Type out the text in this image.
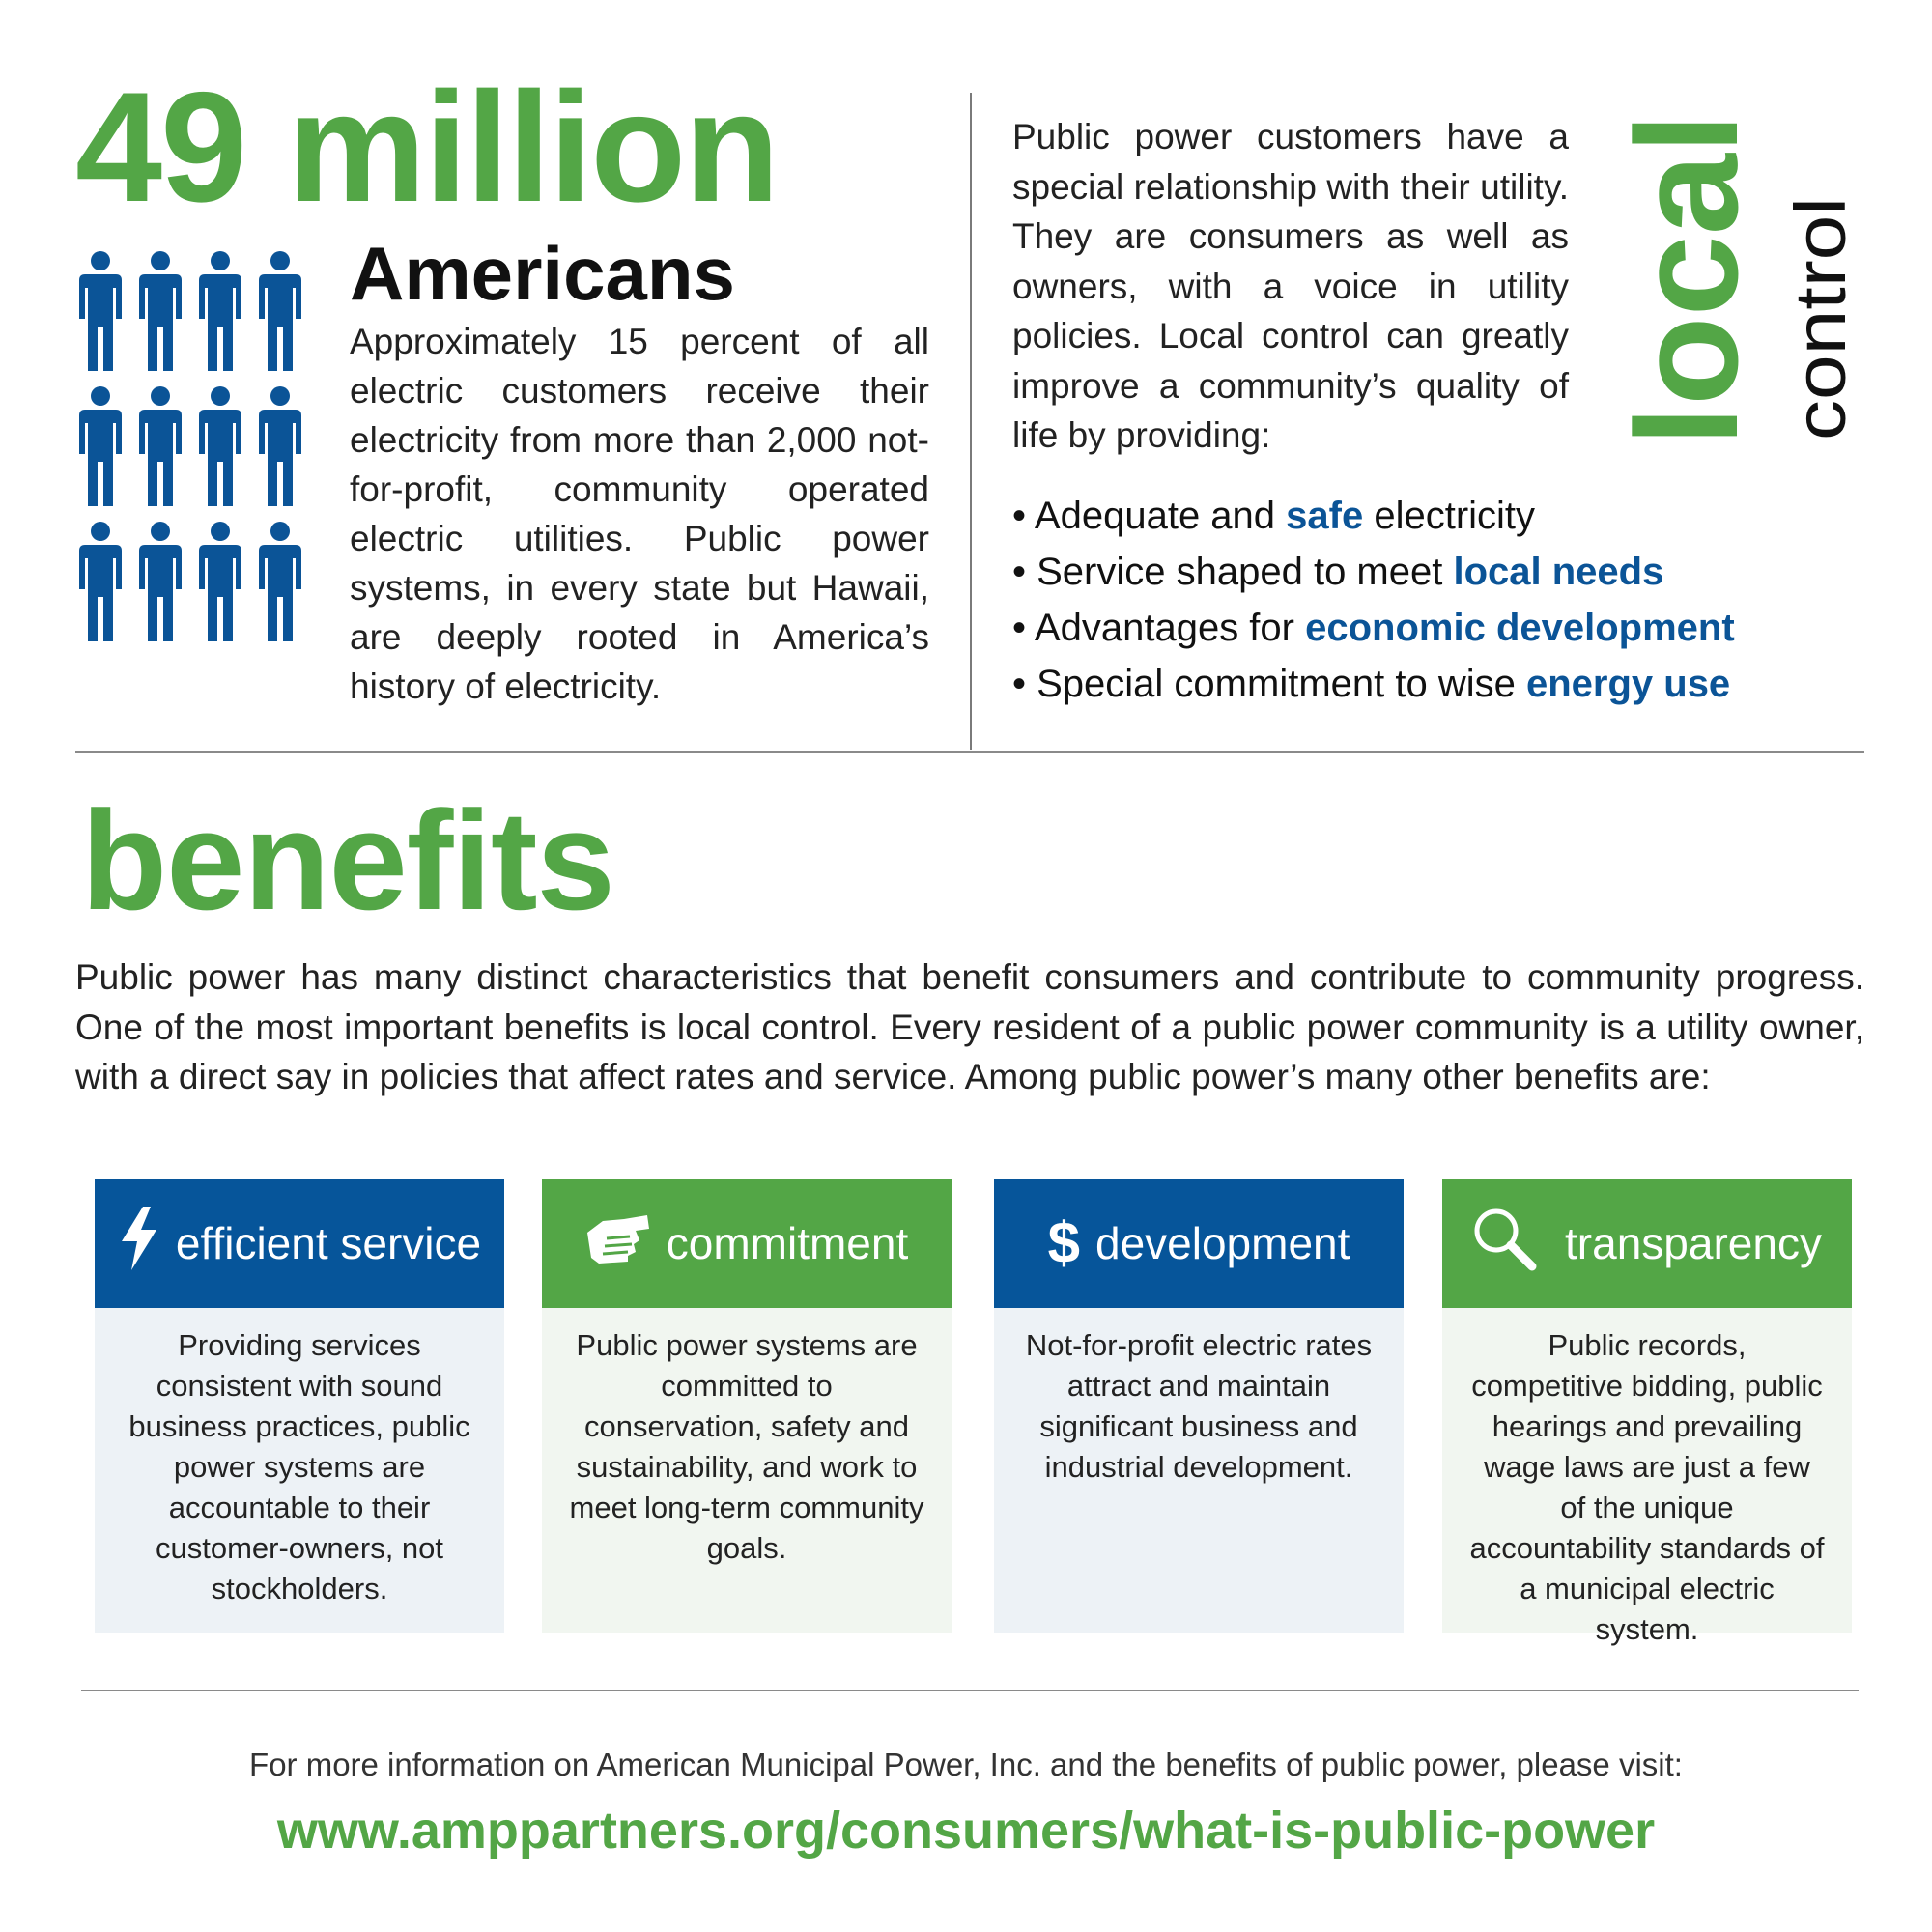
49 million
Americans

Approximately 15 percent of all electric customers receive their electricity from more than 2,000 not-for-profit, community operated electric utilities. Public power systems, in every state but Hawaii, are deeply rooted in America’s history of electricity.

Public power customers have a special relationship with their utility. They are consumers as well as owners, with a voice in utility policies. Local control can greatly improve a community’s quality of life by providing:	local control
• Adequate and safe electricity
• Service shaped to meet local needs
• Advantages for economic development
• Special commitment to wise energy use
benefits

Public power has many distinct characteristics that benefit consumers and contribute to community progress. One of the most important benefits is local control. Every resident of a public power community is a utility owner, with a direct say in policies that affect rates and service. Among public power’s many other benefits are:

efficient service
Providing services consistent with sound business practices, public power systems are accountable to their customer-owners, not stockholders.
commitment
Public power systems are committed to conservation, safety and sustainability, and work to meet long-term community goals.
$ development
Not-for-profit electric rates attract and maintain significant business and industrial development.
transparency
Public records, competitive bidding, public hearings and prevailing wage laws are just a few of the unique accountability standards of a municipal electric system.

For more information on American Municipal Power, Inc. and the benefits of public power, please visit:

www.amppartners.org/consumers/what-is-public-power
